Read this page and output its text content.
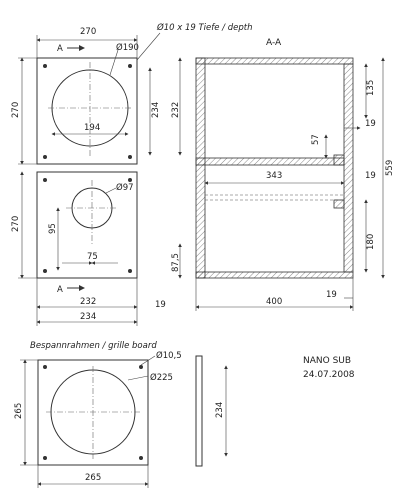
270	Ø10 x 19 Tiefe / depth
Ø190
A
270
194
234 232
Ø97
270	95
75	87,5
A
232
234
19
A-A
135
19
57
343	559
19
180
19
400
Bespannrahmen / grille board
Ø10,5
Ø225
265
265
234
NANO SUB
24.07.2008
